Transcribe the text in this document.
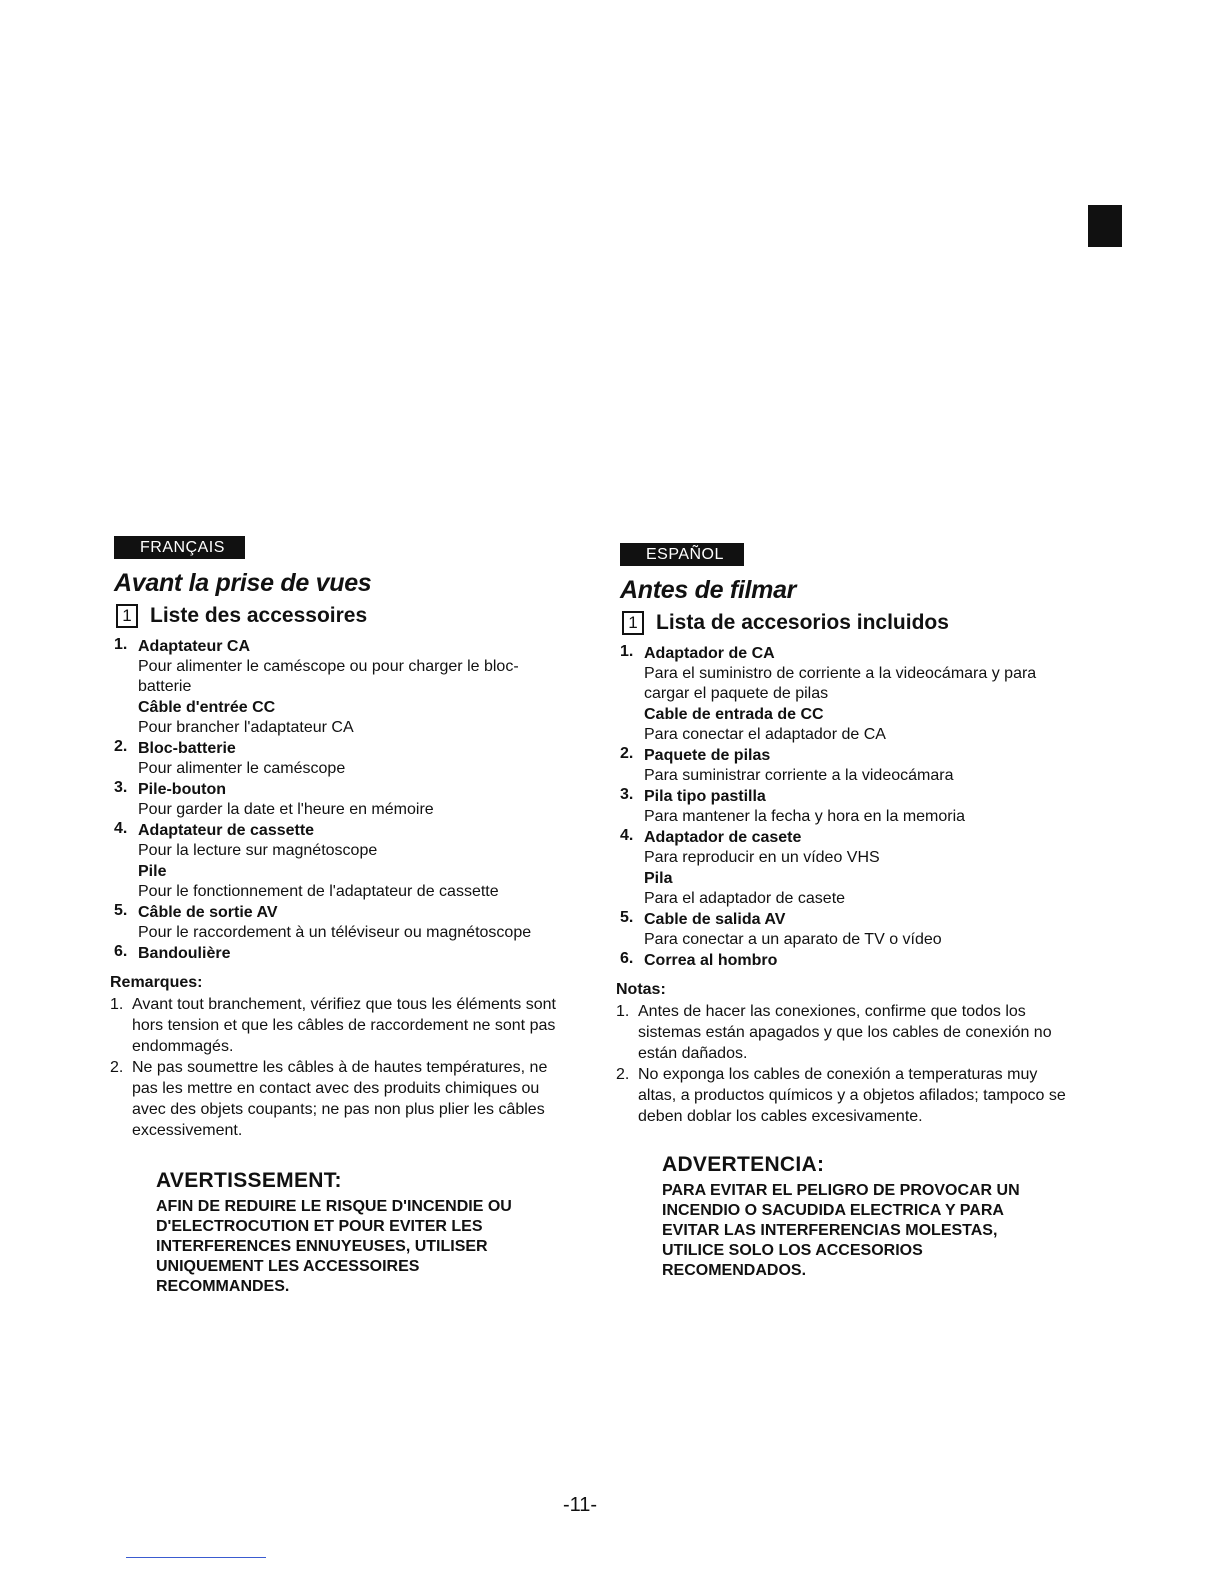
FRANÇAIS
Avant la prise de vues
1 Liste des accessoires
1. Adaptateur CA
Pour alimenter le caméscope ou pour charger le bloc-batterie
Câble d'entrée CC
Pour brancher l'adaptateur CA
2. Bloc-batterie
Pour alimenter le caméscope
3. Pile-bouton
Pour garder la date et l'heure en mémoire
4. Adaptateur de cassette
Pour la lecture sur magnétoscope
Pile
Pour le fonctionnement de l'adaptateur de cassette
5. Câble de sortie AV
Pour le raccordement à un téléviseur ou magnétoscope
6. Bandoulière
Remarques:
1. Avant tout branchement, vérifiez que tous les éléments sont hors tension et que les câbles de raccordement ne sont pas endommagés.
2. Ne pas soumettre les câbles à de hautes températures, ne pas les mettre en contact avec des produits chimiques ou avec des objets coupants; ne pas non plus plier les câbles excessivement.
AVERTISSEMENT:
AFIN DE REDUIRE LE RISQUE D'INCENDIE OU D'ELECTROCUTION ET POUR EVITER LES INTERFERENCES ENNUYEUSES, UTILISER UNIQUEMENT LES ACCESSOIRES RECOMMANDES.
ESPAÑOL
Antes de filmar
1 Lista de accesorios incluidos
1. Adaptador de CA
Para el suministro de corriente a la videocámara y para cargar el paquete de pilas
Cable de entrada de CC
Para conectar el adaptador de CA
2. Paquete de pilas
Para suministrar corriente a la videocámara
3. Pila tipo pastilla
Para mantener la fecha y hora en la memoria
4. Adaptador de casete
Para reproducir en un vídeo VHS
Pila
Para el adaptador de casete
5. Cable de salida AV
Para conectar a un aparato de TV o vídeo
6. Correa al hombro
Notas:
1. Antes de hacer las conexiones, confirme que todos los sistemas están apagados y que los cables de conexión no están dañados.
2. No exponga los cables de conexión a temperaturas muy altas, a productos químicos y a objetos afilados; tampoco se deben doblar los cables excesivamente.
ADVERTENCIA:
PARA EVITAR EL PELIGRO DE PROVOCAR UN INCENDIO O SACUDIDA ELECTRICA Y PARA EVITAR LAS INTERFERENCIAS MOLESTAS, UTILICE SOLO LOS ACCESORIOS RECOMENDADOS.
-11-
